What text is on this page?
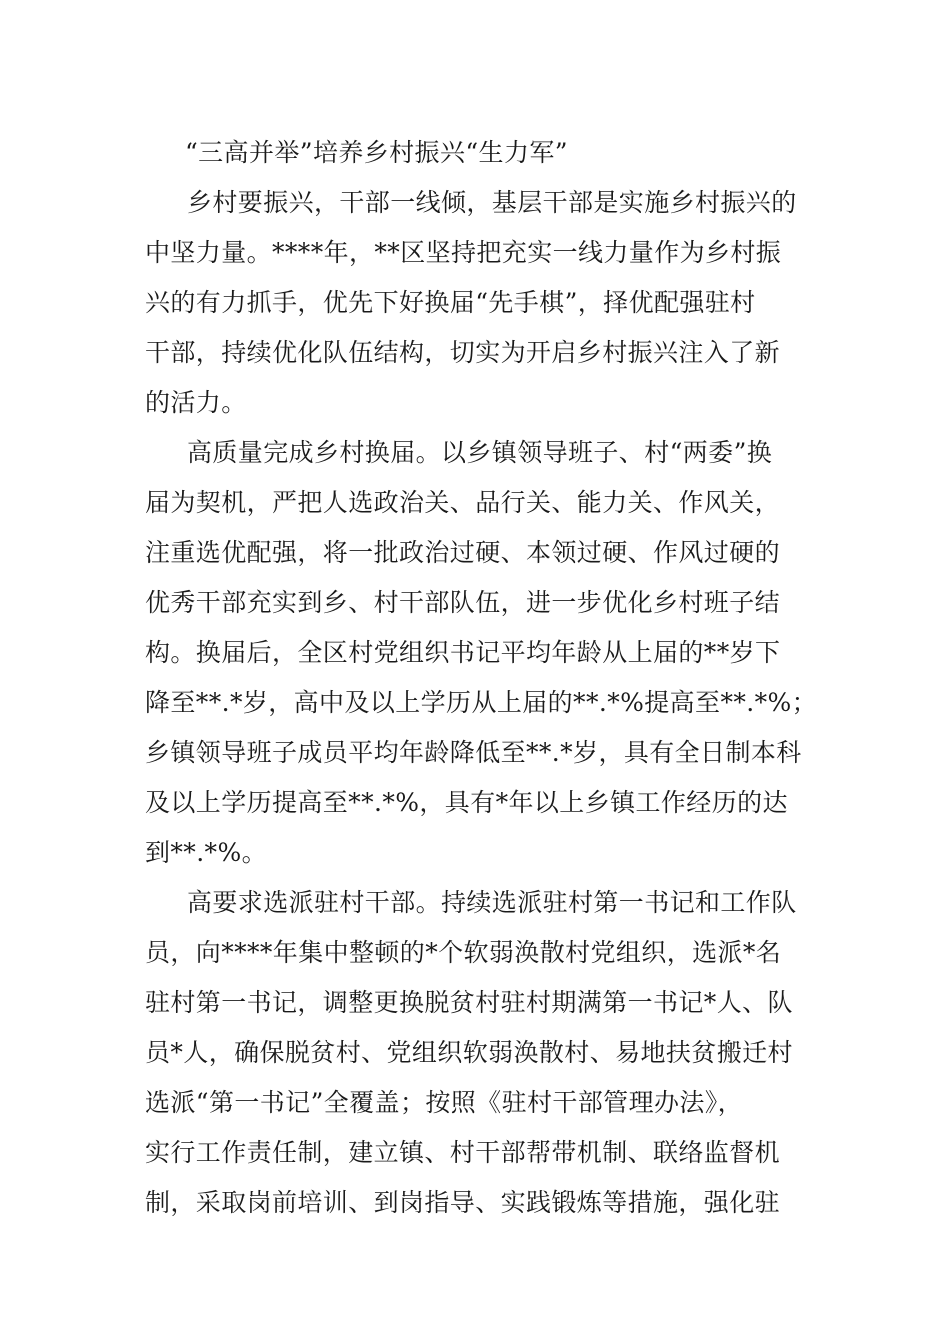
“三高并举”培养乡村振兴“生力军”
乡村要振兴，干部一线倾，基层干部是实施乡村振兴的
中坚力量。****年，**区坚持把充实一线力量作为乡村振
兴的有力抓手，优先下好换届“先手棋”，择优配强驻村
干部，持续优化队伍结构，切实为开启乡村振兴注入了新
的活力。
高质量完成乡村换届。以乡镇领导班子、村“两委”换
届为契机，严把人选政治关、品行关、能力关、作风关，
注重选优配强，将一批政治过硬、本领过硬、作风过硬的
优秀干部充实到乡、村干部队伍，进一步优化乡村班子结
构。换届后，全区村党组织书记平均年龄从上届的**岁下
降至**.*岁，高中及以上学历从上届的**.*%提高至**.*%；
乡镇领导班子成员平均年龄降低至**.*岁，具有全日制本科
及以上学历提高至**.*%，具有*年以上乡镇工作经历的达
到**.*%。
高要求选派驻村干部。持续选派驻村第一书记和工作队
员，向****年集中整顿的*个软弱涣散村党组织，选派*名
驻村第一书记，调整更换脱贫村驻村期满第一书记*人、队
员*人，确保脱贫村、党组织软弱涣散村、易地扶贫搬迁村
选派“第一书记”全覆盖；按照《驻村干部管理办法》，
实行工作责任制，建立镇、村干部帮带机制、联络监督机
制，采取岗前培训、到岗指导、实践锻炼等措施，强化驻
